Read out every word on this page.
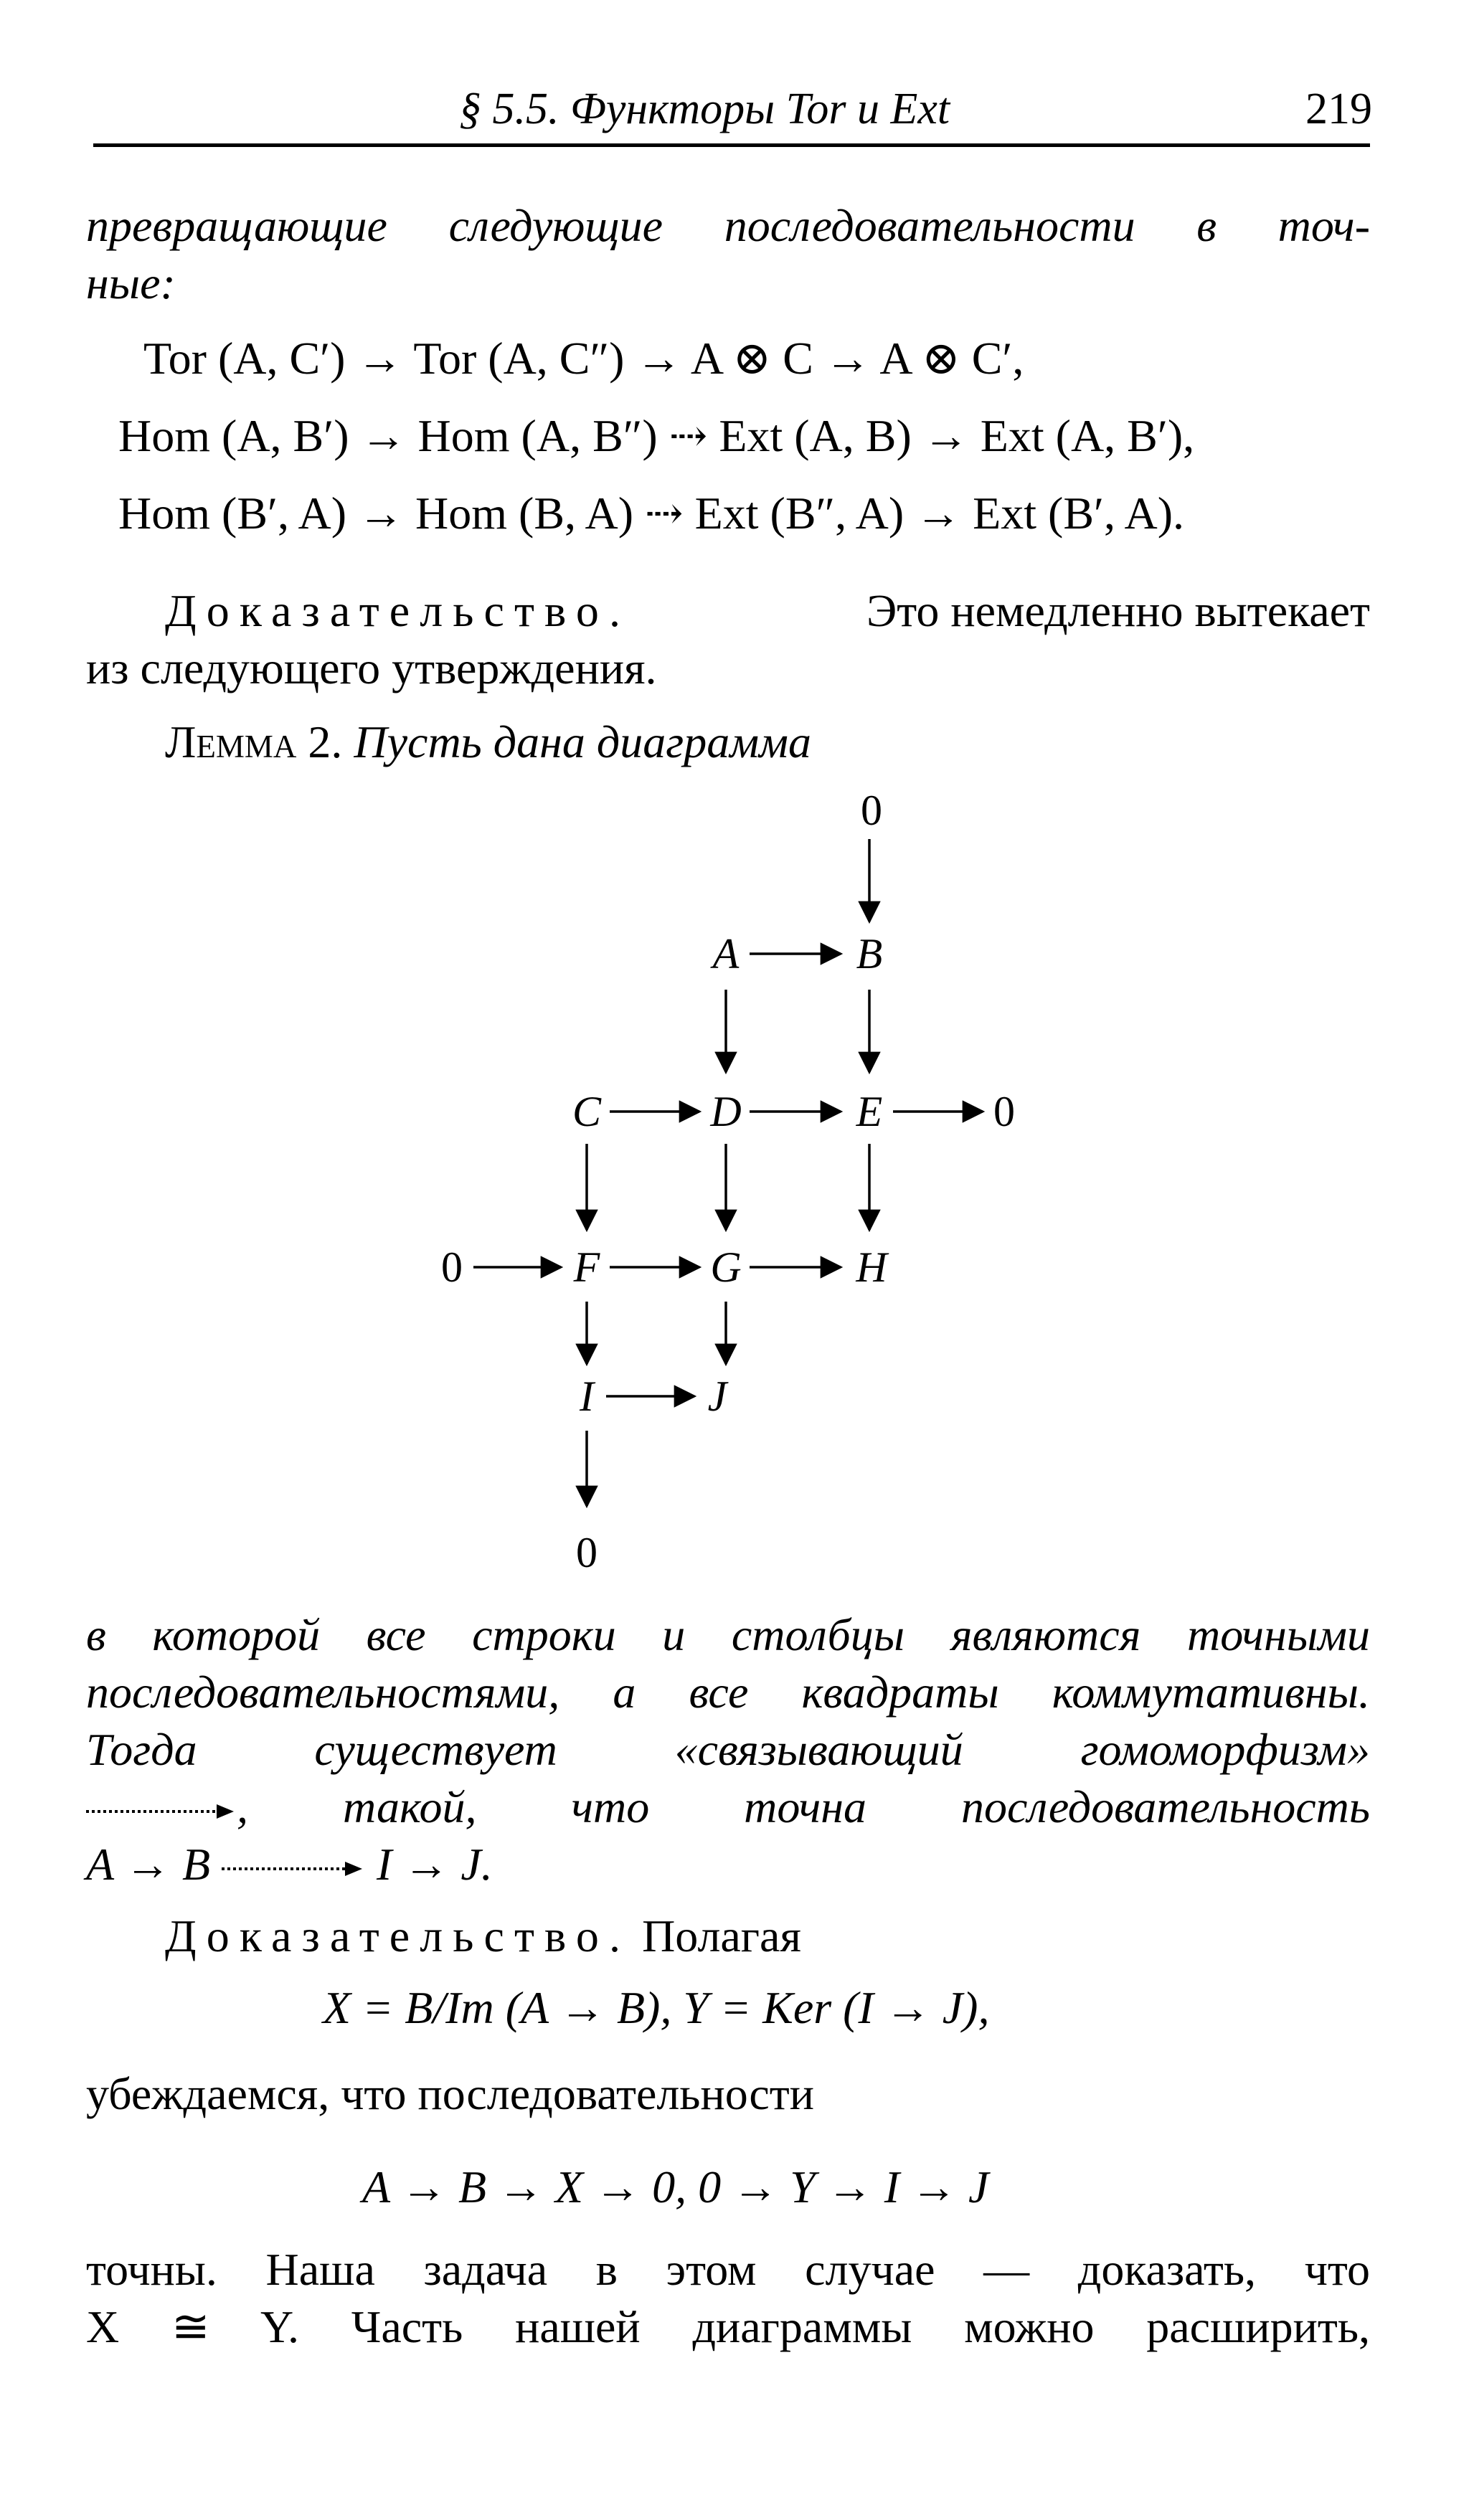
§ 5.5. Функторы Tor и Ext	219
превращающие следующие последовательности в точ-
ные:
Tor (A, C′) → Tor (A, C″) → A ⊗ C → A ⊗ C′,
Hom (A, B′) → Hom (A, B″) ⇢ Ext (A, B) → Ext (A, B′),
Hom (B′, A) → Hom (B, A) ⇢ Ext (B″, A) → Ext (B′, A).
Доказательство.	Это немедленно вытекает
из следующего утверждения.
Лемма 2. Пусть дана диаграмма
0
A	B
C	D	E	0
0	F	G	H
I	J
0
в которой все строки и столбцы являются точными
последовательностями, а все квадраты коммутативны.
Тогда существует «связывающий гомоморфизм»
, такой, что точна последовательность
A → B	I → J.
Доказательство. Полагая
X = B/Im (A → B), Y = Ker (I → J),
убеждаемся, что последовательности
A → B → X → 0, 0 → Y → I → J
точны. Наша задача в этом случае — доказать, что
X ≅ Y. Часть нашей диаграммы можно расширить,
